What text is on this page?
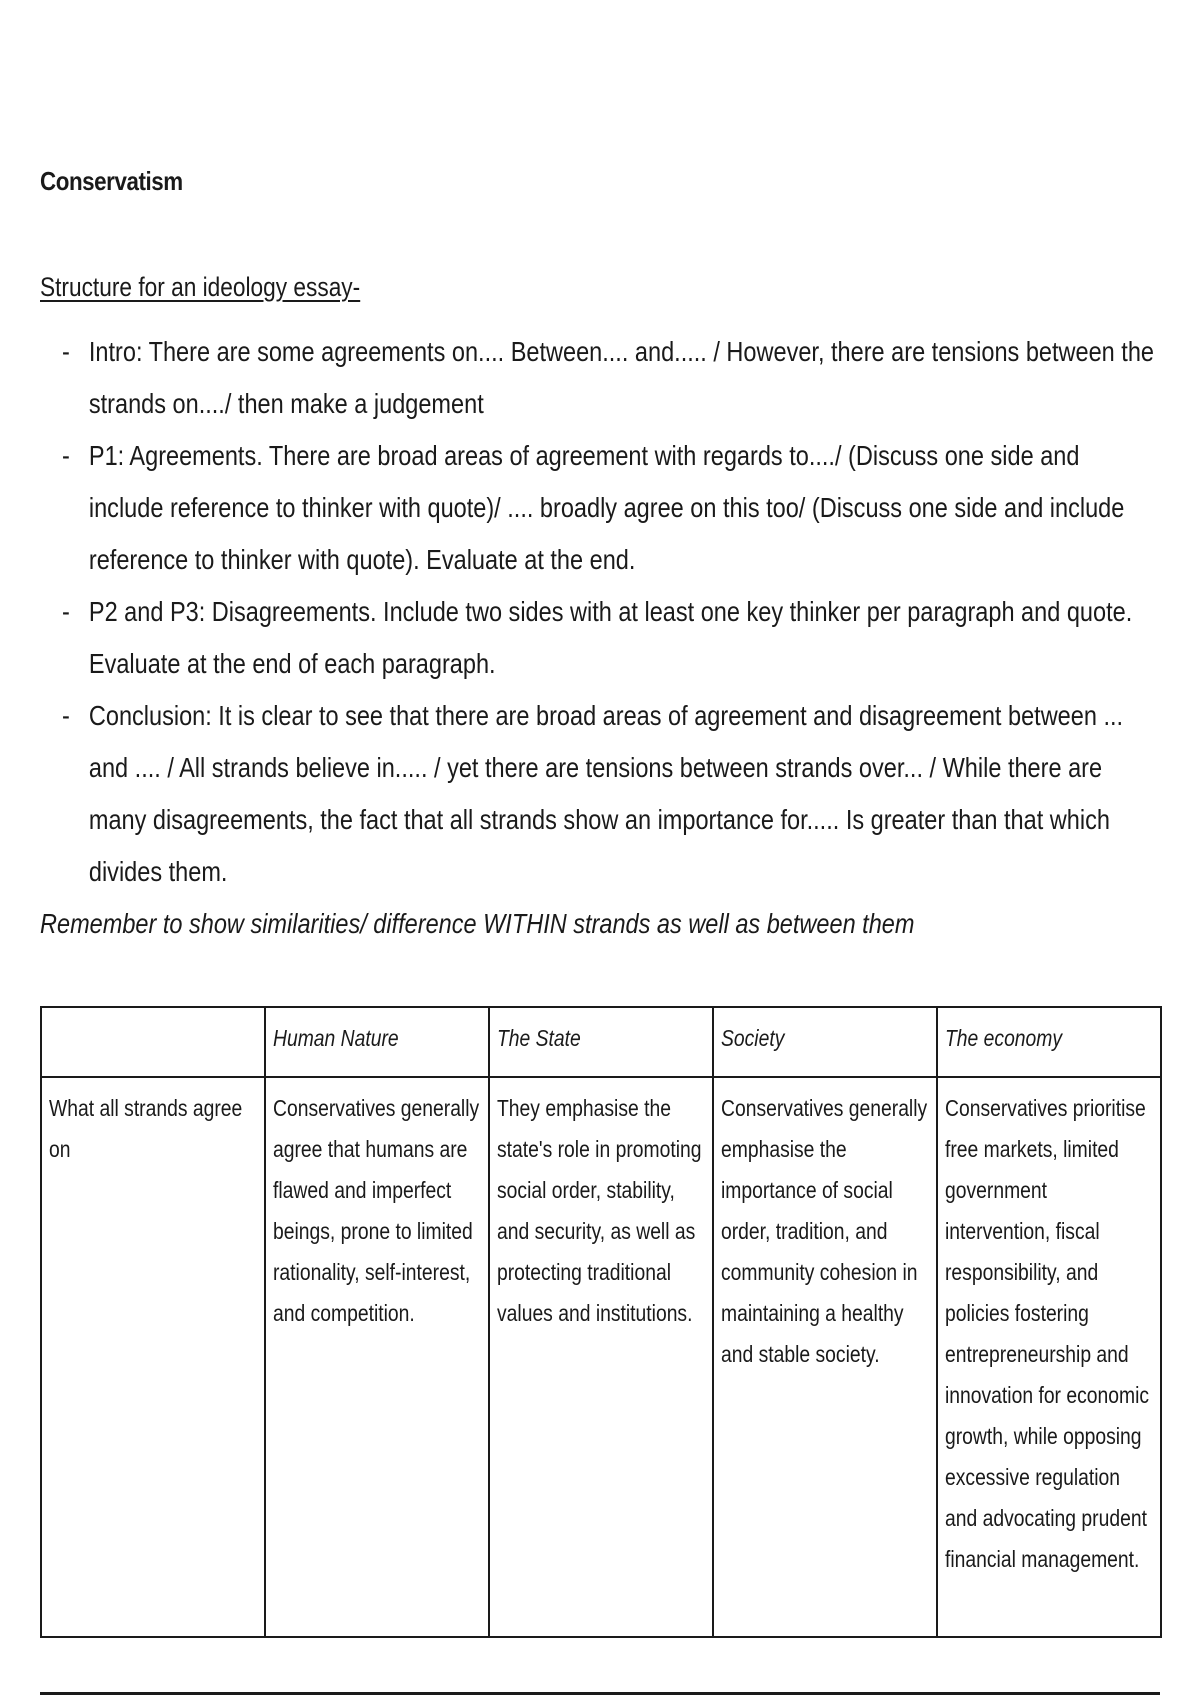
Conservatism
Structure for an ideology essay-
- Intro: There are some agreements on.... Between.... and..... / However, there are tensions between the strands on..../ then make a judgement
- P1: Agreements. There are broad areas of agreement with regards to..../ (Discuss one side and include reference to thinker with quote)/ .... broadly agree on this too/ (Discuss one side and include reference to thinker with quote). Evaluate at the end.
- P2 and P3: Disagreements. Include two sides with at least one key thinker per paragraph and quote. Evaluate at the end of each paragraph.
- Conclusion: It is clear to see that there are broad areas of agreement and disagreement between ... and .... / All strands believe in..... / yet there are tensions between strands over... / While there are many disagreements, the fact that all strands show an importance for..... Is greater than that which divides them.
Remember to show similarities/ difference WITHIN strands as well as between them

	Human Nature	The State	Society	The economy

What all strands agree on	Conservatives generally agree that humans are flawed and imperfect beings, prone to limited rationality, self-interest, and competition.	They emphasise the state's role in promoting social order, stability, and security, as well as protecting traditional values and institutions.	Conservatives generally emphasise the importance of social order, tradition, and community cohesion in maintaining a healthy and stable society.	Conservatives prioritise free markets, limited government intervention, fiscal responsibility, and policies fostering entrepreneurship and innovation for economic growth, while opposing excessive regulation and advocating prudent financial management.
